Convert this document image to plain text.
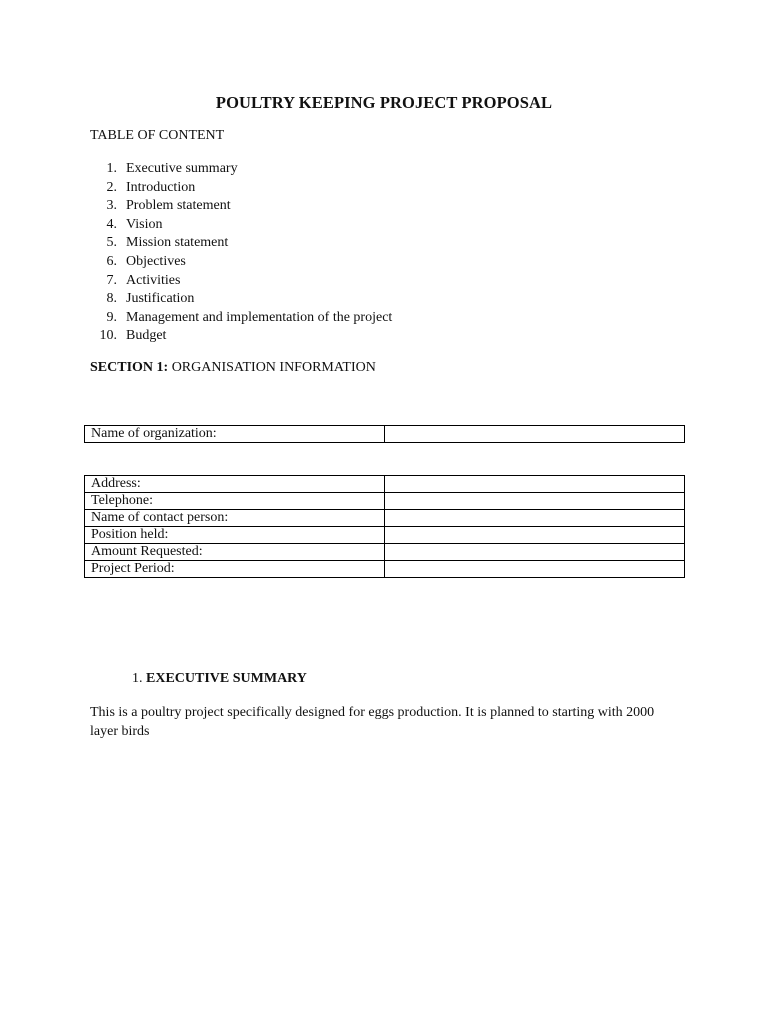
POULTRY KEEPING PROJECT PROPOSAL
TABLE OF CONTENT
1. Executive summary
2. Introduction
3. Problem statement
4. Vision
5. Mission statement
6. Objectives
7. Activities
8. Justification
9. Management and implementation of the project
10. Budget
SECTION 1: ORGANISATION INFORMATION
Name of organization:	
Address:	
Telephone:	
Name of contact person:	
Position held:	
Amount Requested:	
Project Period:	
1. EXECUTIVE SUMMARY

This is a poultry project specifically designed for eggs production. It is planned to starting with 2000 layer birds
